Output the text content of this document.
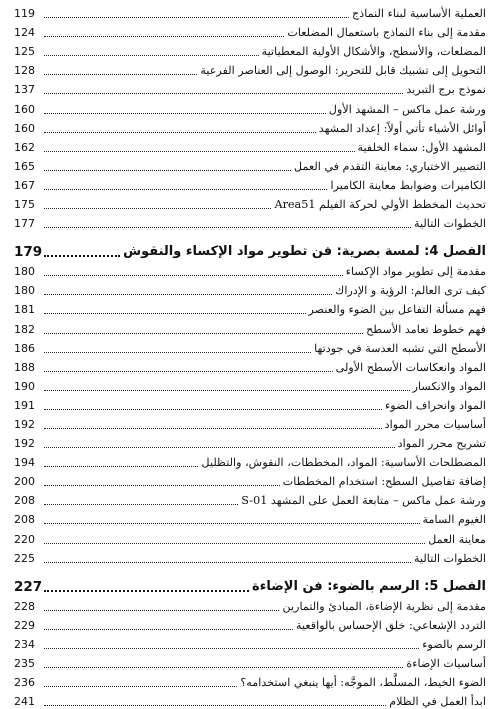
العملية الأساسية لبناء النماذج
119
مقدمة إلى بناء النماذج باستعمال المضلعات
124
المضلعات، والأسطح، والأشكال الأولية المعطياتية
125
التحويل إلى تشبيك قابل للتحرير: الوصول إلى العناصر الفرعية
128
نموذج برج التبريد
137
ورشة عمل ماكس – المشهد الأول
160
أوائل الأشياء تأتي أولاً: إعداد المشهد
160
المشهد الأول: سماء الخلفية
162
التصيير الاختباري: معاينة التقدم في العمل
165
الكاميرات وضوابط معاينة الكاميرا
167
تحديث المخطط الأولي لحركة الفيلم Area51
175
الخطوات التالية
177
الفصل 4: لمسة بصرية: فن تطوير مواد الإكساء والنقوش
179
مقدمة إلى تطوير مواد الإكساء
180
كيف ترى العالم: الرؤية و الإدراك
180
فهم مسألة التفاعل بين الضوء والعنصر
181
فهم خطوط تعامد الأسطح
182
الأسطح التي تشبه العدسة في جودتها
186
المواد وانعكاسات الأسطح الأولى
188
المواد والانكسار
190
المواد وانحراف الضوء
191
أساسيات محرر المواد
192
تشريح محرر المواد
192
المصطلحات الأساسية: المواد، المخططات، النقوش، والتظليل
194
إضافة تفاصيل السطح: استخدام المخططات
200
ورشة عمل ماكس – متابعة العمل على المشهد S-01
208
الغيوم السامة
208
معاينة العمل
220
الخطوات التالية
225
الفصل 5: الرسم بالضوء: فن الإضاءة
227
مقدمة إلى نظرية الإضاءة، المبادئ والتمارين
228
التردد الإشعاعي: خلق الإحساس بالواقعية
229
الرسم بالضوء
234
أساسيات الإضاءة
235
الضوء الخيط، المسلَّط، الموجَّه: أيها ينبغي استخدامه؟
236
ابدأ العمل في الظلام
241
